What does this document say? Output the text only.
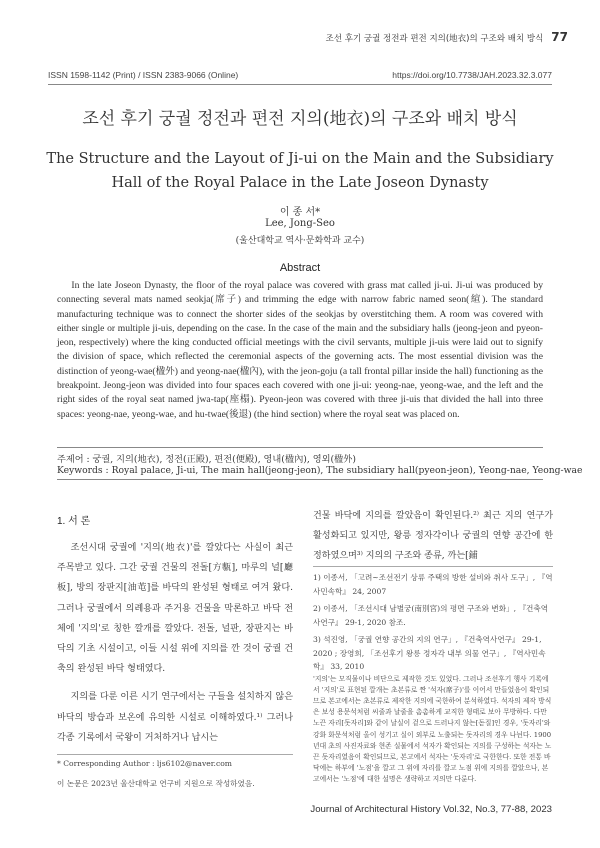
조선 후기 궁궐 정전과 편전 지의(地衣)의 구조와 배치 방식 77
ISSN 1598-1142 (Print) / ISSN 2383-9066 (Online)	https://doi.org/10.7738/JAH.2023.32.3.077
조선 후기 궁궐 정전과 편전 지의(地衣)의 구조와 배치 방식
The Structure and the Layout of Ji-ui on the Main and the Subsidiary Hall of the Royal Palace in the Late Joseon Dynasty
이 종 서*
Lee, Jong-Seo
(울산대학교 역사·문화학과 교수)
Abstract

In the late Joseon Dynasty, the floor of the royal palace was covered with grass mat called ji-ui. Ji-ui was produced by connecting several mats named seokja(席子) and trimming the edge with narrow fabric named seon(縇). The standard manufacturing technique was to connect the shorter sides of the seokjas by overstitching them. A room was covered with either single or multiple ji-uis, depending on the case. In the case of the main and the subsidiary halls (jeong-jeon and pyeon-jeon, respectively) where the king conducted official meetings with the civil servants, multiple ji-uis were laid out to signify the division of space, which reflected the ceremonial aspects of the governing acts. The most essential division was the distinction of yeong-wae(楹外) and yeong-nae(楹內), with the jeon-goju (a tall frontal pillar inside the hall) functioning as the breakpoint. Jeong-jeon was divided into four spaces each covered with one ji-ui: yeong-nae, yeong-wae, and the left and the right sides of the royal seat named jwa-tap(座榻). Pyeon-jeon was covered with three ji-uis that divided the hall into three spaces: yeong-nae, yeong-wae, and hu-twae(後退) (the hind section) where the royal seat was placed on.

주제어 : 궁궐, 지의(地衣), 정전(正殿), 편전(便殿), 영내(楹內), 영외(楹外)
Keywords : Royal palace, Ji-ui, The main hall(jeong-jeon), The subsidiary hall(pyeon-jeon), Yeong-nae, Yeong-wae
1. 서 론

조선시대 궁궐에 '지의(地衣)'를 깔았다는 사실이 최근 주목받고 있다. 그간 궁궐 건물의 전돌[方甎], 마루의 널[廳板], 방의 장판지[油芚]를 바닥의 완성된 형태로 여겨 왔다. 그러나 궁궐에서 의례용과 주거용 건물을 막론하고 바닥 전체에 '지의'로 칭한 깔개를 깔았다. 전돌, 널판, 장판지는 바닥의 기초 시설이고, 이들 시설 위에 지의를 깐 것이 궁궐 건축의 완성된 바닥 형태였다.

지의를 다룬 이른 시기 연구에서는 구들을 설치하지 않은 바닥의 방습과 보온에 유의한 시설로 이해하였다.¹⁾ 그러나 각종 기록에서 국왕이 거처하거나 납시는

* Corresponding Author : ljs6102@naver.com
이 논문은 2023년 울산대학교 연구비 지원으로 작성하였음.

건물 바닥에 지의를 깔았음이 확인된다.²⁾ 최근 지의 연구가 활성화되고 있지만, 왕릉 정자각이나 궁궐의 연향 공간에 한정하였으며³⁾ 지의의 구조와 종류, 까는[鋪

1) 이종서, 「고려~조선전기 상류 주택의 방한 설비와 취사 도구」, 『역사민속학』 24, 2007

2) 이종서, 「조선시대 남별궁(南別宮)의 평면 구조와 변화」, 『건축역사연구』 29-1, 2020 참조.

3) 석진영, 「궁궐 연향 공간의 지의 연구」, 『건축역사연구』 29-1, 2020 ; 장영희, 「조선후기 왕릉 정자각 내부 의물 연구」, 『역사민속학』 33, 2010

'지의'는 모직물이나 비단으로 제작한 것도 있었다. 그러나 조선후기 행사 기록에서 '지의'로 표현된 깔개는 초본류로 짠 '석자(席子)'를 이어서 만들었음이 확인되므로 본고에서는 초본류로 제작한 지의에 국한하여 분석하였다. 석자의 제작 방식은 보성 용문석처럼 씨줄과 날줄을 촘촘하게 교직한 형태로 보아 무방하다. 다만 노끈 자리[돗자리]와 같이 날실이 겉으로 드러나지 않는[돋질]인 경우, '돗자리'와 강화 화문석처럼 올이 성기고 실이 외부로 노출되는 돗자리의 경우 나뉜다. 1900년대 초의 사진자료와 현존 실물에서 석자가 확인되는 지의를 구성하는 석자는 노끈 돗자리였음이 확인되므로, 본고에서 석자는 '돗자리'로 국한한다. 또한 전통 바닥에는 하부에 '노점'을 깔고 그 위에 자리를 깔고 노점 위에 지의를 깔았으나, 본고에서는 '노점'에 대한 설명은 생략하고 지의만 다룬다.

Journal of Architectural History Vol.32, No.3, 77-88, 2023
